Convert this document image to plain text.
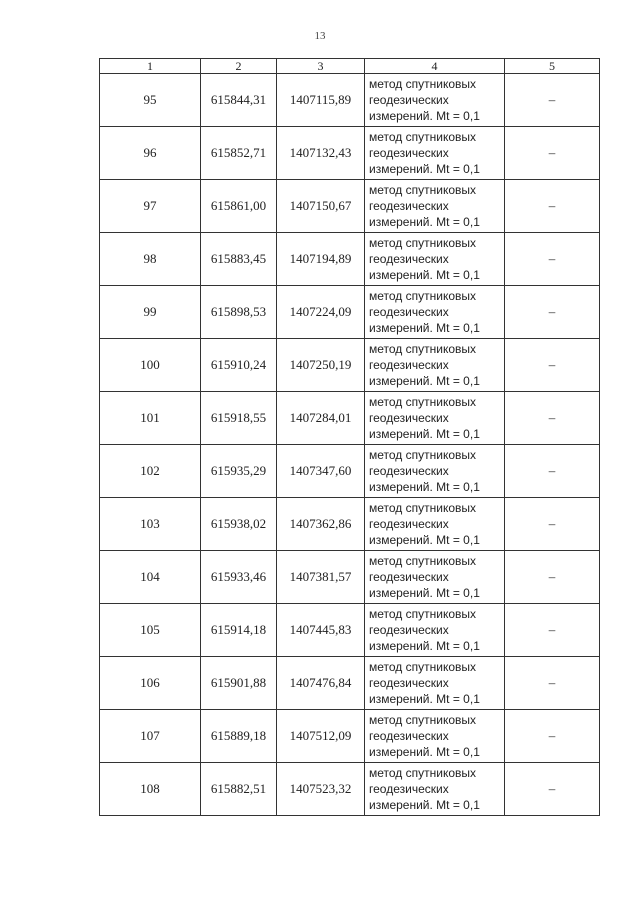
13
1	2	3	4	5
95	615844,31	1407115,89	метод спутниковых
геодезических
измерений. Mt = 0,1	–
96	615852,71	1407132,43	метод спутниковых
геодезических
измерений. Mt = 0,1	–
97	615861,00	1407150,67	метод спутниковых
геодезических
измерений. Mt = 0,1	–
98	615883,45	1407194,89	метод спутниковых
геодезических
измерений. Mt = 0,1	–
99	615898,53	1407224,09	метод спутниковых
геодезических
измерений. Mt = 0,1	–
100	615910,24	1407250,19	метод спутниковых
геодезических
измерений. Mt = 0,1	–
101	615918,55	1407284,01	метод спутниковых
геодезических
измерений. Mt = 0,1	–
102	615935,29	1407347,60	метод спутниковых
геодезических
измерений. Mt = 0,1	–
103	615938,02	1407362,86	метод спутниковых
геодезических
измерений. Mt = 0,1	–
104	615933,46	1407381,57	метод спутниковых
геодезических
измерений. Mt = 0,1	–
105	615914,18	1407445,83	метод спутниковых
геодезических
измерений. Mt = 0,1	–
106	615901,88	1407476,84	метод спутниковых
геодезических
измерений. Mt = 0,1	–
107	615889,18	1407512,09	метод спутниковых
геодезических
измерений. Mt = 0,1	–
108	615882,51	1407523,32	метод спутниковых
геодезических
измерений. Mt = 0,1	–
